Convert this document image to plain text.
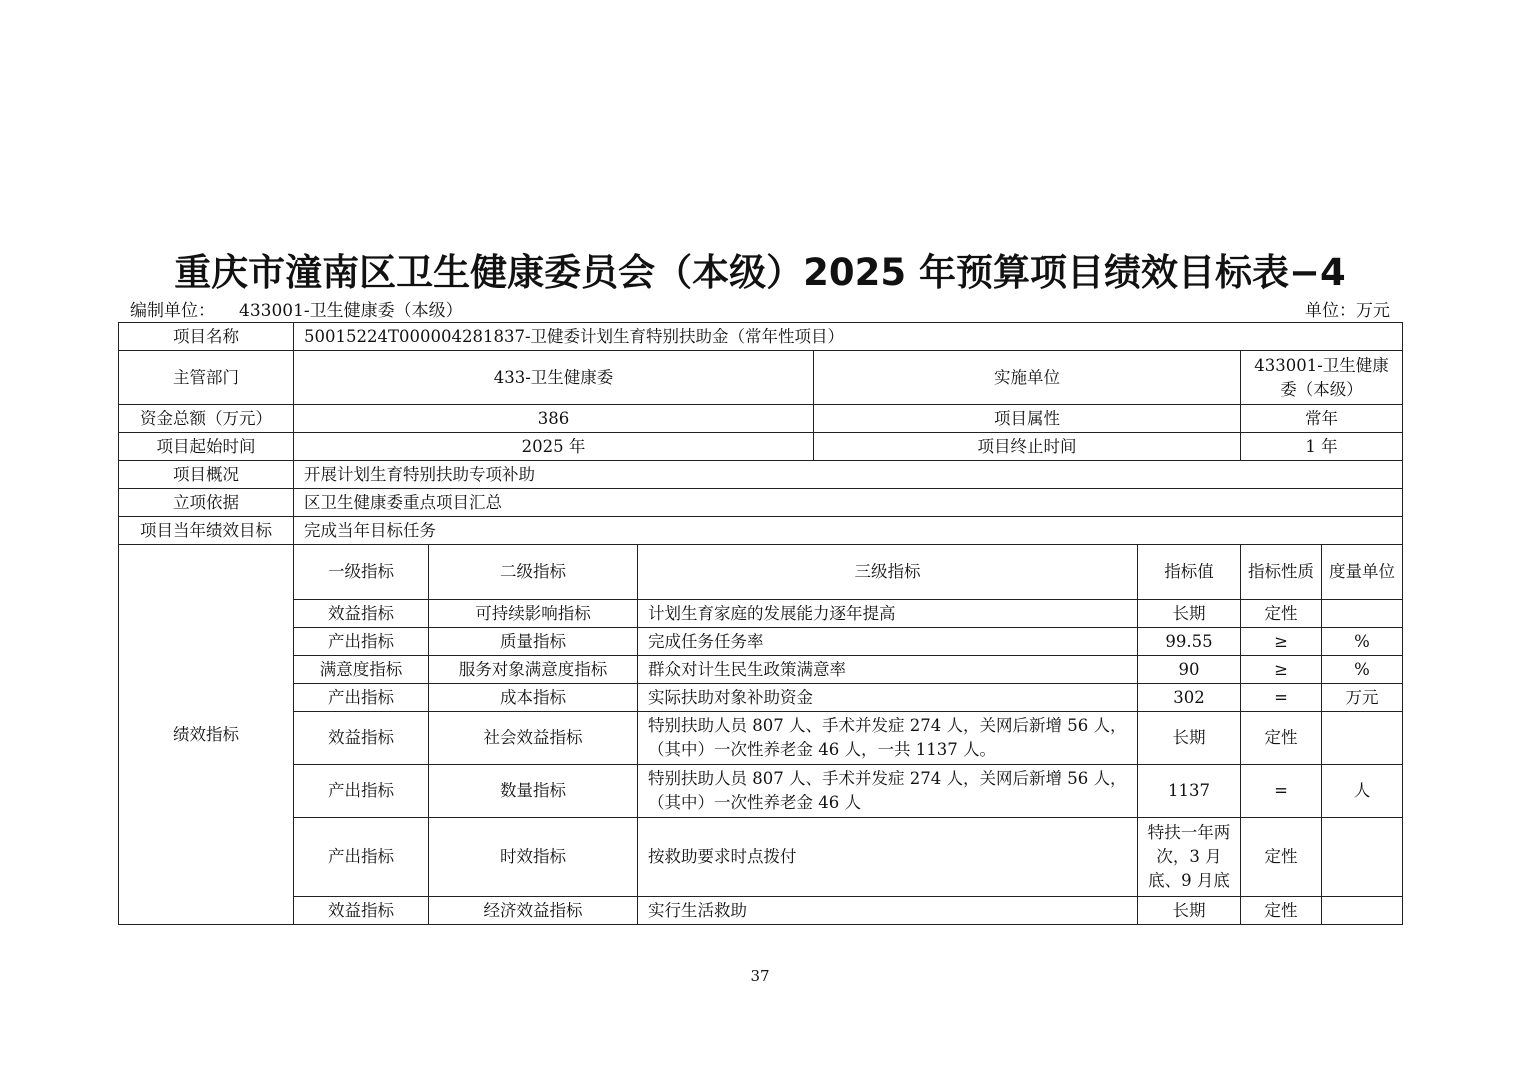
重庆市潼南区卫生健康委员会（本级）2025 年预算项目绩效目标表−4
编制单位： 433001-卫生健康委（本级）	单位：万元
项目名称	50015224T000004281837-卫健委计划生育特别扶助金（常年性项目）						
主管部门	433-卫生健康委			实施单位		433001-卫生健康委（本级）	
资金总额（万元）	386			项目属性		常年	
项目起始时间	2025 年			项目终止时间		1 年	
项目概况	开展计划生育特别扶助专项补助						
立项依据	区卫生健康委重点项目汇总						
项目当年绩效目标	完成当年目标任务						
绩效指标	一级指标	二级指标	三级指标		指标值	指标性质	度量单位
	效益指标	可持续影响指标	计划生育家庭的发展能力逐年提高		长期	定性	
	产出指标	质量指标	完成任务任务率		99.55	≥	%
	满意度指标	服务对象满意度指标	群众对计生民生政策满意率		90	≥	%
	产出指标	成本指标	实际扶助对象补助资金		302	=	万元
	效益指标	社会效益指标	特别扶助人员 807 人、手术并发症 274 人，关网后新增 56 人，（其中）一次性养老金 46 人，一共 1137 人。		长期	定性	
	产出指标	数量指标	特别扶助人员 807 人、手术并发症 274 人，关网后新增 56 人，（其中）一次性养老金 46 人		1137	=	人
	产出指标	时效指标	按救助要求时点拨付		特扶一年两次，3 月底、9 月底	定性	
	效益指标	经济效益指标	实行生活救助		长期	定性	
37
